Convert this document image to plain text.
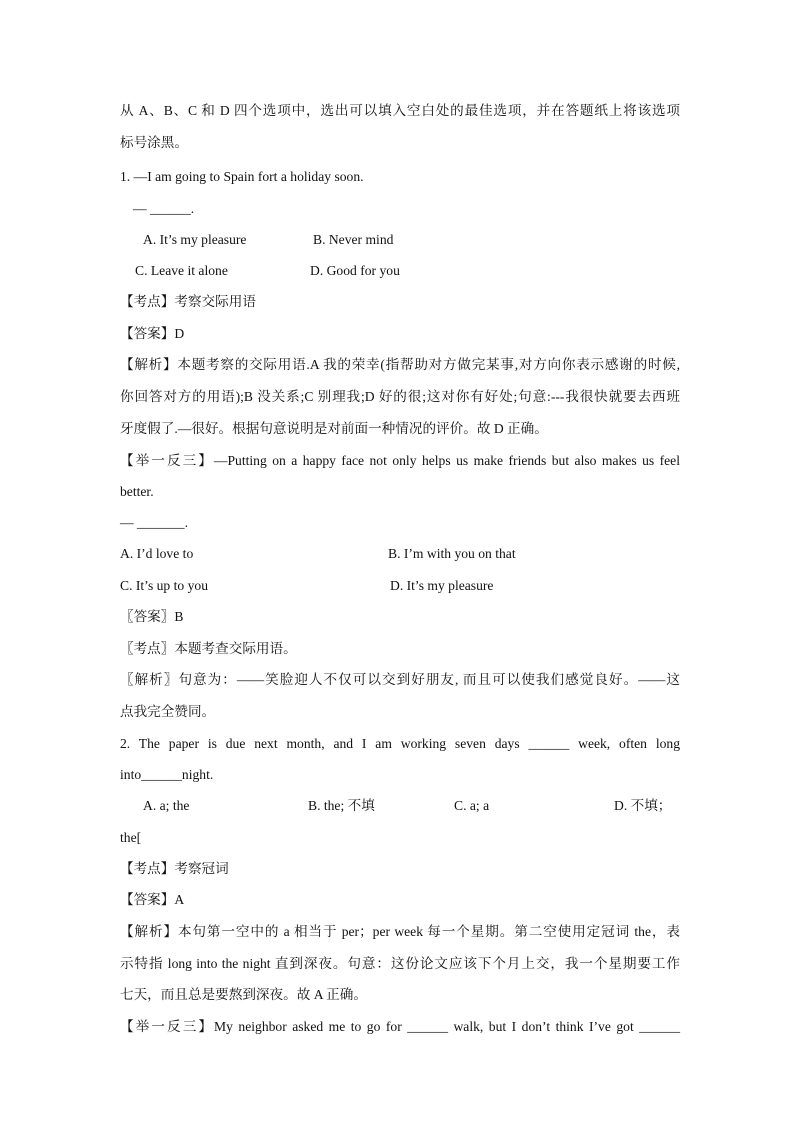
从 A、B、C 和 D 四个选项中，选出可以填入空白处的最佳选项，并在答题纸上将该选项
标号涂黑。
1. —I am going to Spain fort a holiday soon.
— ______.
A. It’s my pleasure	B. Never mind
C. Leave it alone	D. Good for you
【考点】考察交际用语
【答案】D
【解析】本题考察的交际用语.A 我的荣幸(指帮助对方做完某事,对方向你表示感谢的时候,
你回答对方的用语);B 没关系;C 别理我;D 好的很;这对你有好处;句意:---我很快就要去西班
牙度假了.—很好。根据句意说明是对前面一种情况的评价。故 D 正确。
【举一反三】—Putting on a happy face not only helps us make friends but also makes us feel
better.
— _______.
A. I’d love to	B. I’m with you on that
C. It’s up to you	D. It’s my pleasure
〖答案〗B
〖考点〗本题考查交际用语。
〖解析〗句意为：——笑脸迎人不仅可以交到好朋友, 而且可以使我们感觉良好。——这
点我完全赞同。
2. The paper is due next month, and I am working seven days ______ week, often long
into______night.
A. a; the	B. the; 不填	C. a; a	D. 不填；
the[
【考点】考察冠词
【答案】A
【解析】本句第一空中的 a 相当于 per；per week 每一个星期。第二空使用定冠词 the，表
示特指 long into the night 直到深夜。句意：这份论文应该下个月上交，我一个星期要工作
七天，而且总是要熬到深夜。故 A 正确。
【举一反三】My neighbor asked me to go for ______ walk, but I don’t think I’ve got ______
